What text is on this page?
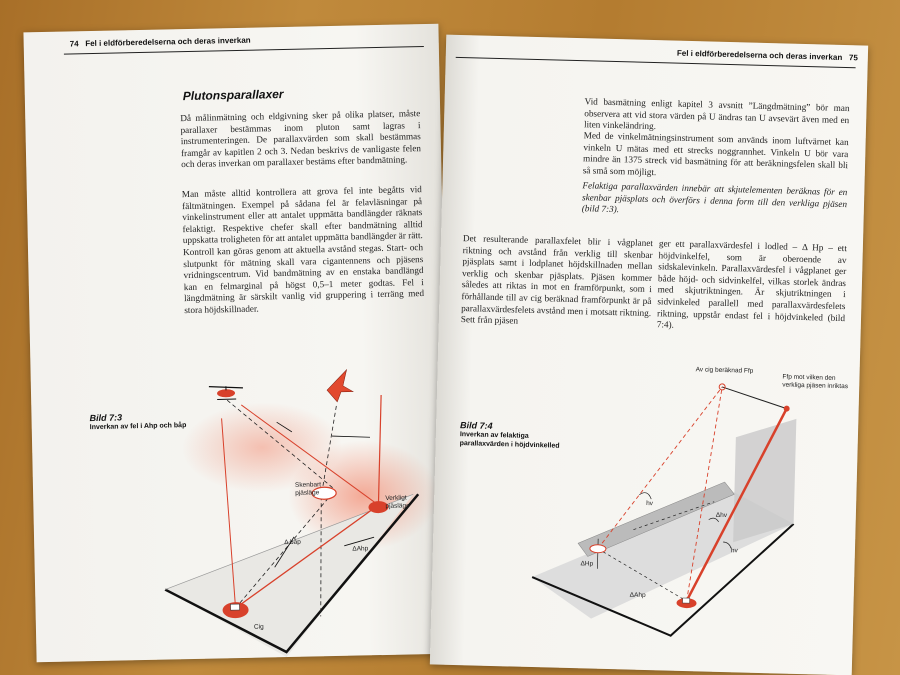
74 Fel i eldförberedelserna och deras inverkan
Plutonsparallaxer

Då målinmätning och eldgivning sker på olika platser, måste parallaxer bestämmas inom pluton samt lagras i instrumenteringen. De parallaxvärden som skall bestämmas framgår av kapitlen 2 och 3. Nedan beskrivs de vanligaste felen och deras inverkan om parallaxer bestäms efter bandmätning.

Man måste alltid kontrollera att grova fel inte begåtts vid fältmätningen. Exempel på sådana fel är felavläsningar på vinkelinstrument eller att antalet uppmätta bandlängder räknats felaktigt. Respektive chefer skall efter bandmätning alltid uppskatta troligheten för att antalet uppmätta bandlängder är rätt. Kontroll kan göras genom att aktuella avstånd stegas. Start- och slutpunkt för mätning skall vara cigantennens och pjäsens vridningscentrum. Vid bandmätning av en enstaka bandlängd kan en felmarginal på högst 0,5–1 meter godtas. Fel i längdmätning är särskilt vanlig vid gruppering i terräng med stora höjdskillnader.

Bild 7:3
Inverkan av fel i Ahp och båp
Skenbart pjäsläge
Verkligt pjäsläge
Δ båp
ΔAhp
Cig
Fel i eldförberedelserna och deras inverkan 75

Vid basmätning enligt kapitel 3 avsnitt ”Längdmätning” bör man observera att vid stora värden på U ändras tan U avsevärt även med en liten vinkeländring.

Med de vinkelmätningsinstrument som används inom luftvärnet kan vinkeln U mätas med ett strecks noggrannhet. Vinkeln U bör vara mindre än 1375 streck vid basmätning för att beräkningsfelen skall bli så små som möjligt.

Felaktiga parallaxvärden innebär att skjutelementen beräknas för en skenbar pjäsplats och överförs i denna form till den verkliga pjäsen (bild 7:3).

Det resulterande parallaxfelet blir i vågplanet riktning och avstånd från verklig till skenbar pjäsplats samt i lodplanet höjdskillnaden mellan verklig och skenbar pjäsplats. Pjäsen kommer således att riktas in mot en framförpunkt, som i förhållande till av cig beräknad framförpunkt är på parallaxvärdesfelets avstånd men i motsatt riktning. Sett från pjäsen

ger ett parallaxvärdesfel i lodled – Δ Hp – ett höjdvinkelfel, som är oberoende av sidskalevinkeln. Parallaxvärdesfel i vågplanet ger både höjd- och sidvinkelfel, vilkas storlek ändras med skjutriktningen. Är skjutriktningen i sidvinkeled parallell med parallaxvärdesfelets riktning, uppstår endast fel i höjdvinkeled (bild 7:4).

Bild 7:4
Inverkan av felaktiga parallaxvärden i höjdvinkelled
Av cig beräknad Ffp
Ffp mot vilken den verkliga pjäsen inriktas
hv
Δhv
hv
ΔHp
ΔAhp
